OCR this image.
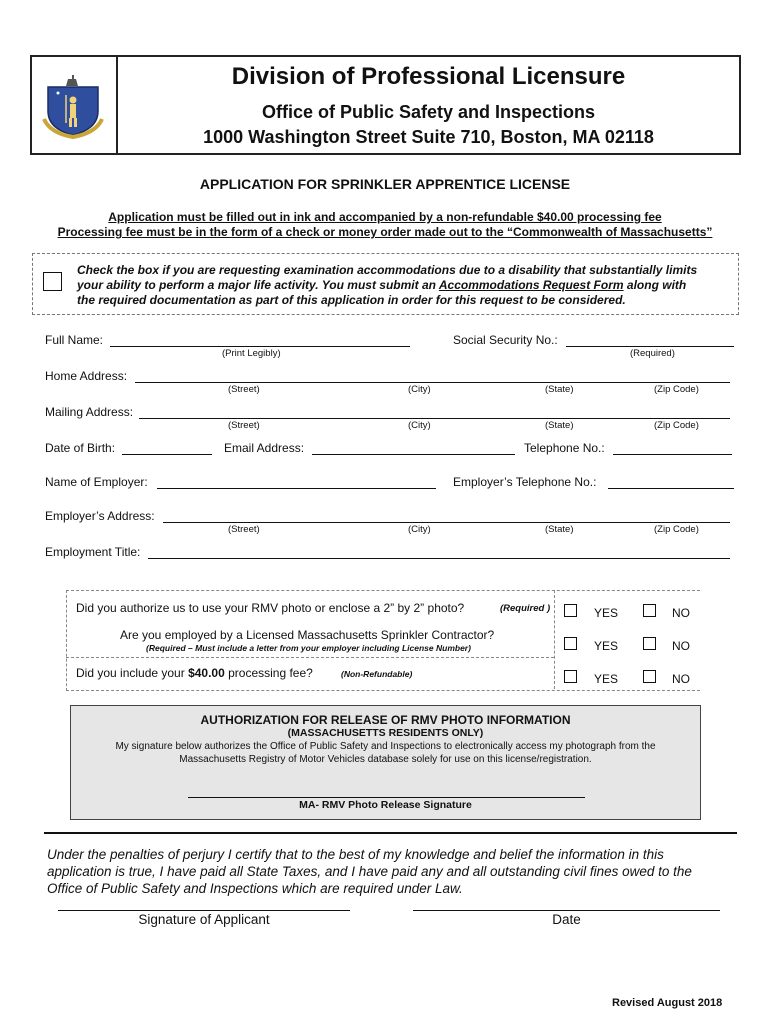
Division of Professional Licensure
Office of Public Safety and Inspections
1000 Washington Street Suite 710, Boston, MA 02118
APPLICATION FOR SPRINKLER APPRENTICE LICENSE
Application must be filled out in ink and accompanied by a non-refundable $40.00 processing fee
Processing fee must be in the form of a check or money order made out to the “Commonwealth of Massachusetts”
Check the box if you are requesting examination accommodations due to a disability that substantially limits
your ability to perform a major life activity. You must submit an Accommodations Request Form along with
the required documentation as part of this application in order for this request to be considered.
Full Name:
(Print Legibly)
Social Security No.:
(Required)
Home Address:
(Street)	(City)	(State)	(Zip Code)
Mailing Address:
(Street)	(City)	(State)	(Zip Code)
Date of Birth:	Email Address:	Telephone No.:
Name of Employer:	Employer’s Telephone No.:
Employer’s Address:
(Street)	(City)	(State)	(Zip Code)
Employment Title:
Did you authorize us to use your RMV photo or enclose a 2” by 2” photo?	(Required )	YES	NO
Are you employed by a Licensed Massachusetts Sprinkler Contractor?
(Required – Must include a letter from your employer including License Number)	YES	NO
Did you include your $40.00 processing fee?	(Non-Refundable)	YES	NO
AUTHORIZATION FOR RELEASE OF RMV PHOTO INFORMATION
(MASSACHUSETTS RESIDENTS ONLY)
My signature below authorizes the Office of Public Safety and Inspections to electronically access my photograph from the
Massachusetts Registry of Motor Vehicles database solely for use on this license/registration.
MA- RMV Photo Release Signature
Under the penalties of perjury I certify that to the best of my knowledge and belief the information in this
application is true, I have paid all State Taxes, and I have paid any and all outstanding civil fines owed to the
Office of Public Safety and Inspections which are required under Law.
Signature of Applicant	Date
Revised August 2018
